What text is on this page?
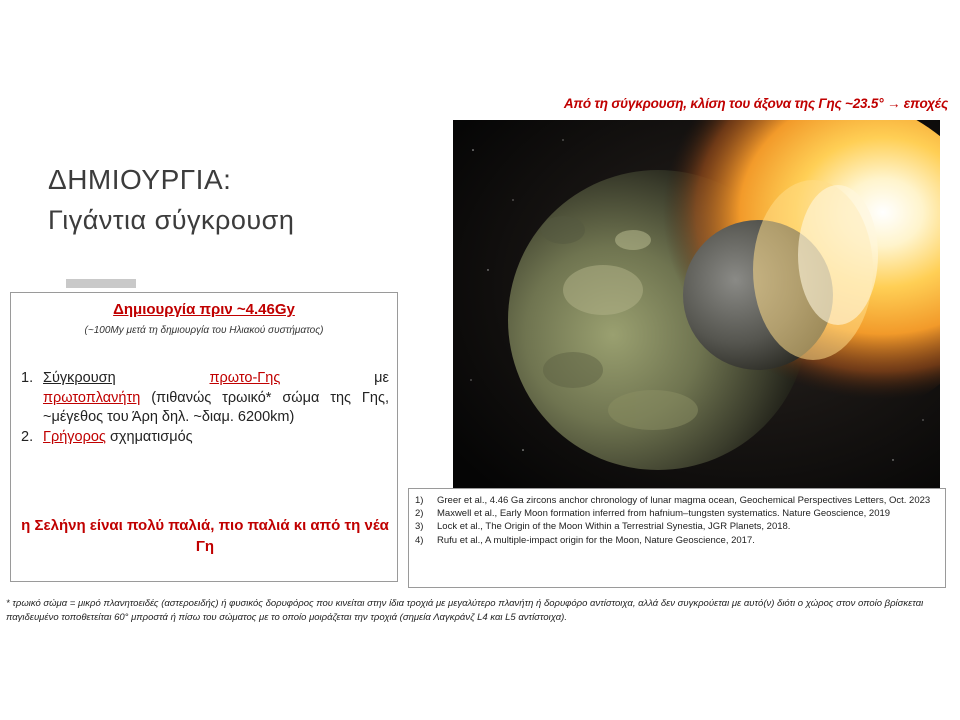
Από τη σύγκρουση, κλίση του άξονα της Γης ~23.5° → εποχές
ΔΗΜΙΟΥΡΓΙΑ:
Γιγάντια σύγκρουση
Δημιουργία πριν ~4.46Gy
(~100My μετά τη δημιουργία του Ηλιακού συστήματος)
1. Σύγκρουση	πρωτο-Γης	με
πρωτοπλανήτη (πιθανώς τρωικό* σώμα της Γης, ~μέγεθος του Άρη δηλ. ~διαμ. 6200km)
2. Γρήγορος σχηματισμός
η Σελήνη είναι πολύ παλιά, πιο παλιά κι από τη νέα Γη
1)	Greer et al., 4.46 Ga zircons anchor chronology of lunar magma ocean, Geochemical Perspectives Letters, Oct. 2023
2)	Maxwell et al., Early Moon formation inferred from hafnium–tungsten systematics. Nature Geoscience, 2019
3)	Lock et al., The Origin of the Moon Within a Terrestrial Synestia, JGR Planets, 2018.
4)	Rufu et al., A multiple-impact origin for the Moon, Nature Geoscience, 2017.
* τρωικό σώμα = μικρό πλανητοειδές (αστεροειδής) ή φυσικός δορυφόρος που κινείται στην ίδια τροχιά με μεγαλύτερο πλανήτη ή δορυφόρο αντίστοιχα, αλλά δεν συγκρούεται με αυτό(ν) διότι ο χώρος στον οποίο βρίσκεται παγιδευμένο τοποθετείται 60° μπροστά ή πίσω του σώματος με το οποίο μοιράζεται την τροχιά (σημεία Λαγκράνζ L4 και L5 αντίστοιχα).
